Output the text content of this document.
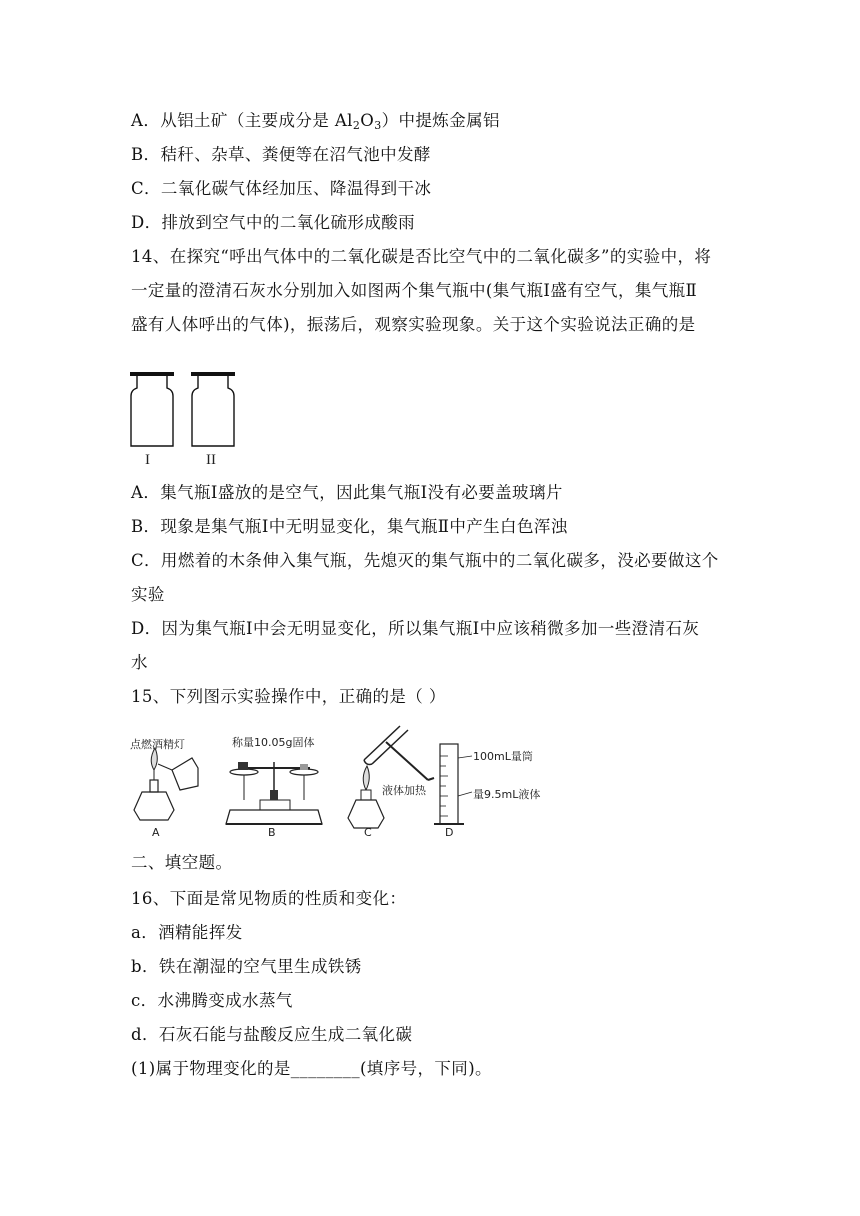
A．从铝土矿（主要成分是 $Al_2O_3$）中提炼金属铝
B．秸秆、杂草、粪便等在沼气池中发酵
C．二氧化碳气体经加压、降温得到干冰
D．排放到空气中的二氧化硫形成酸雨
14、在探究“呼出气体中的二氧化碳是否比空气中的二氧化碳多”的实验中，将
一定量的澄清石灰水分别加入如图两个集气瓶中(集气瓶Ⅰ盛有空气，集气瓶Ⅱ
盛有人体呼出的气体)，振荡后，观察实验现象。关于这个实验说法正确的是
I	II
A．集气瓶Ⅰ盛放的是空气，因此集气瓶Ⅰ没有必要盖玻璃片
B．现象是集气瓶Ⅰ中无明显变化，集气瓶Ⅱ中产生白色浑浊
C．用燃着的木条伸入集气瓶，先熄灭的集气瓶中的二氧化碳多，没必要做这个
实验
D．因为集气瓶Ⅰ中会无明显变化，所以集气瓶Ⅰ中应该稍微多加一些澄清石灰
水
15、下列图示实验操作中，正确的是（ ）
点燃酒精灯	称量10.05g固体
液体加热
100mL量筒
量9.5mL液体
A	B	C	D
二、填空题。
16、下面是常见物质的性质和变化：
a．酒精能挥发
b．铁在潮湿的空气里生成铁锈
c．水沸腾变成水蒸气
d．石灰石能与盐酸反应生成二氧化碳
(1)属于物理变化的是________(填序号，下同)。
